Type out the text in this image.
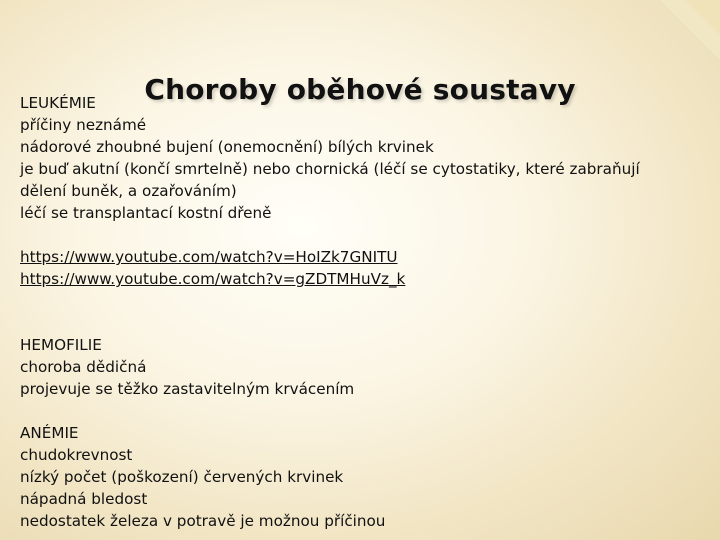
Choroby oběhové soustavy
LEUKÉMIE
příčiny neznámé
nádorové zhoubné bujení (onemocnění) bílých krvinek
je buď akutní (končí smrtelně) nebo chornická (léčí se cytostatiky, které zabraňují
dělení buněk, a ozařováním)
léčí se transplantací kostní dřeně
https://www.youtube.com/watch?v=HoIZk7GNITU
https://www.youtube.com/watch?v=gZDTMHuVz_k
HEMOFILIE
choroba dědičná
projevuje se těžko zastavitelným krvácením
ANÉMIE
chudokrevnost
nízký počet (poškození) červených krvinek
nápadná bledost
nedostatek železa v potravě je možnou příčinou
